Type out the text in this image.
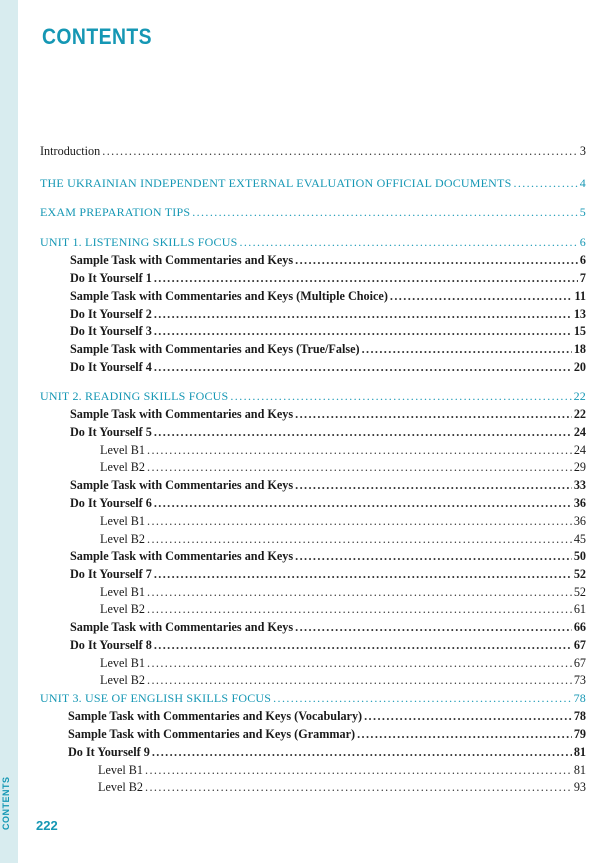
CONTENTS
Introduction .....	3
THE UKRAINIAN INDEPENDENT EXTERNAL EVALUATION OFFICIAL DOCUMENTS .....	4
EXAM PREPARATION TIPS .....	5
UNIT 1. LISTENING SKILLS FOCUS .....	6
Sample Task with Commentaries and Keys .....	6
Do It Yourself 1 .....	7
Sample Task with Commentaries and Keys (Multiple Choice) .....	11
Do It Yourself 2 .....	13
Do It Yourself 3 .....	15
Sample Task with Commentaries and Keys (True/False) .....	18
Do It Yourself 4 .....	20
UNIT 2. READING SKILLS FOCUS .....	22
Sample Task with Commentaries and Keys .....	22
Do It Yourself 5 .....	24
Level B1 .....	24
Level B2 .....	29
Sample Task with Commentaries and Keys .....	33
Do It Yourself 6 .....	36
Level B1 .....	36
Level B2 .....	45
Sample Task with Commentaries and Keys .....	50
Do It Yourself 7 .....	52
Level B1 .....	52
Level B2 .....	61
Sample Task with Commentaries and Keys .....	66
Do It Yourself 8 .....	67
Level B1 .....	67
Level B2 .....	73
UNIT 3. USE OF ENGLISH SKILLS FOCUS .....	78
Sample Task with Commentaries and Keys (Vocabulary) .....	78
Sample Task with Commentaries and Keys (Grammar) .....	79
Do It Yourself 9 .....	81
Level B1 .....	81
Level B2 .....	93
CONTENTS 222
